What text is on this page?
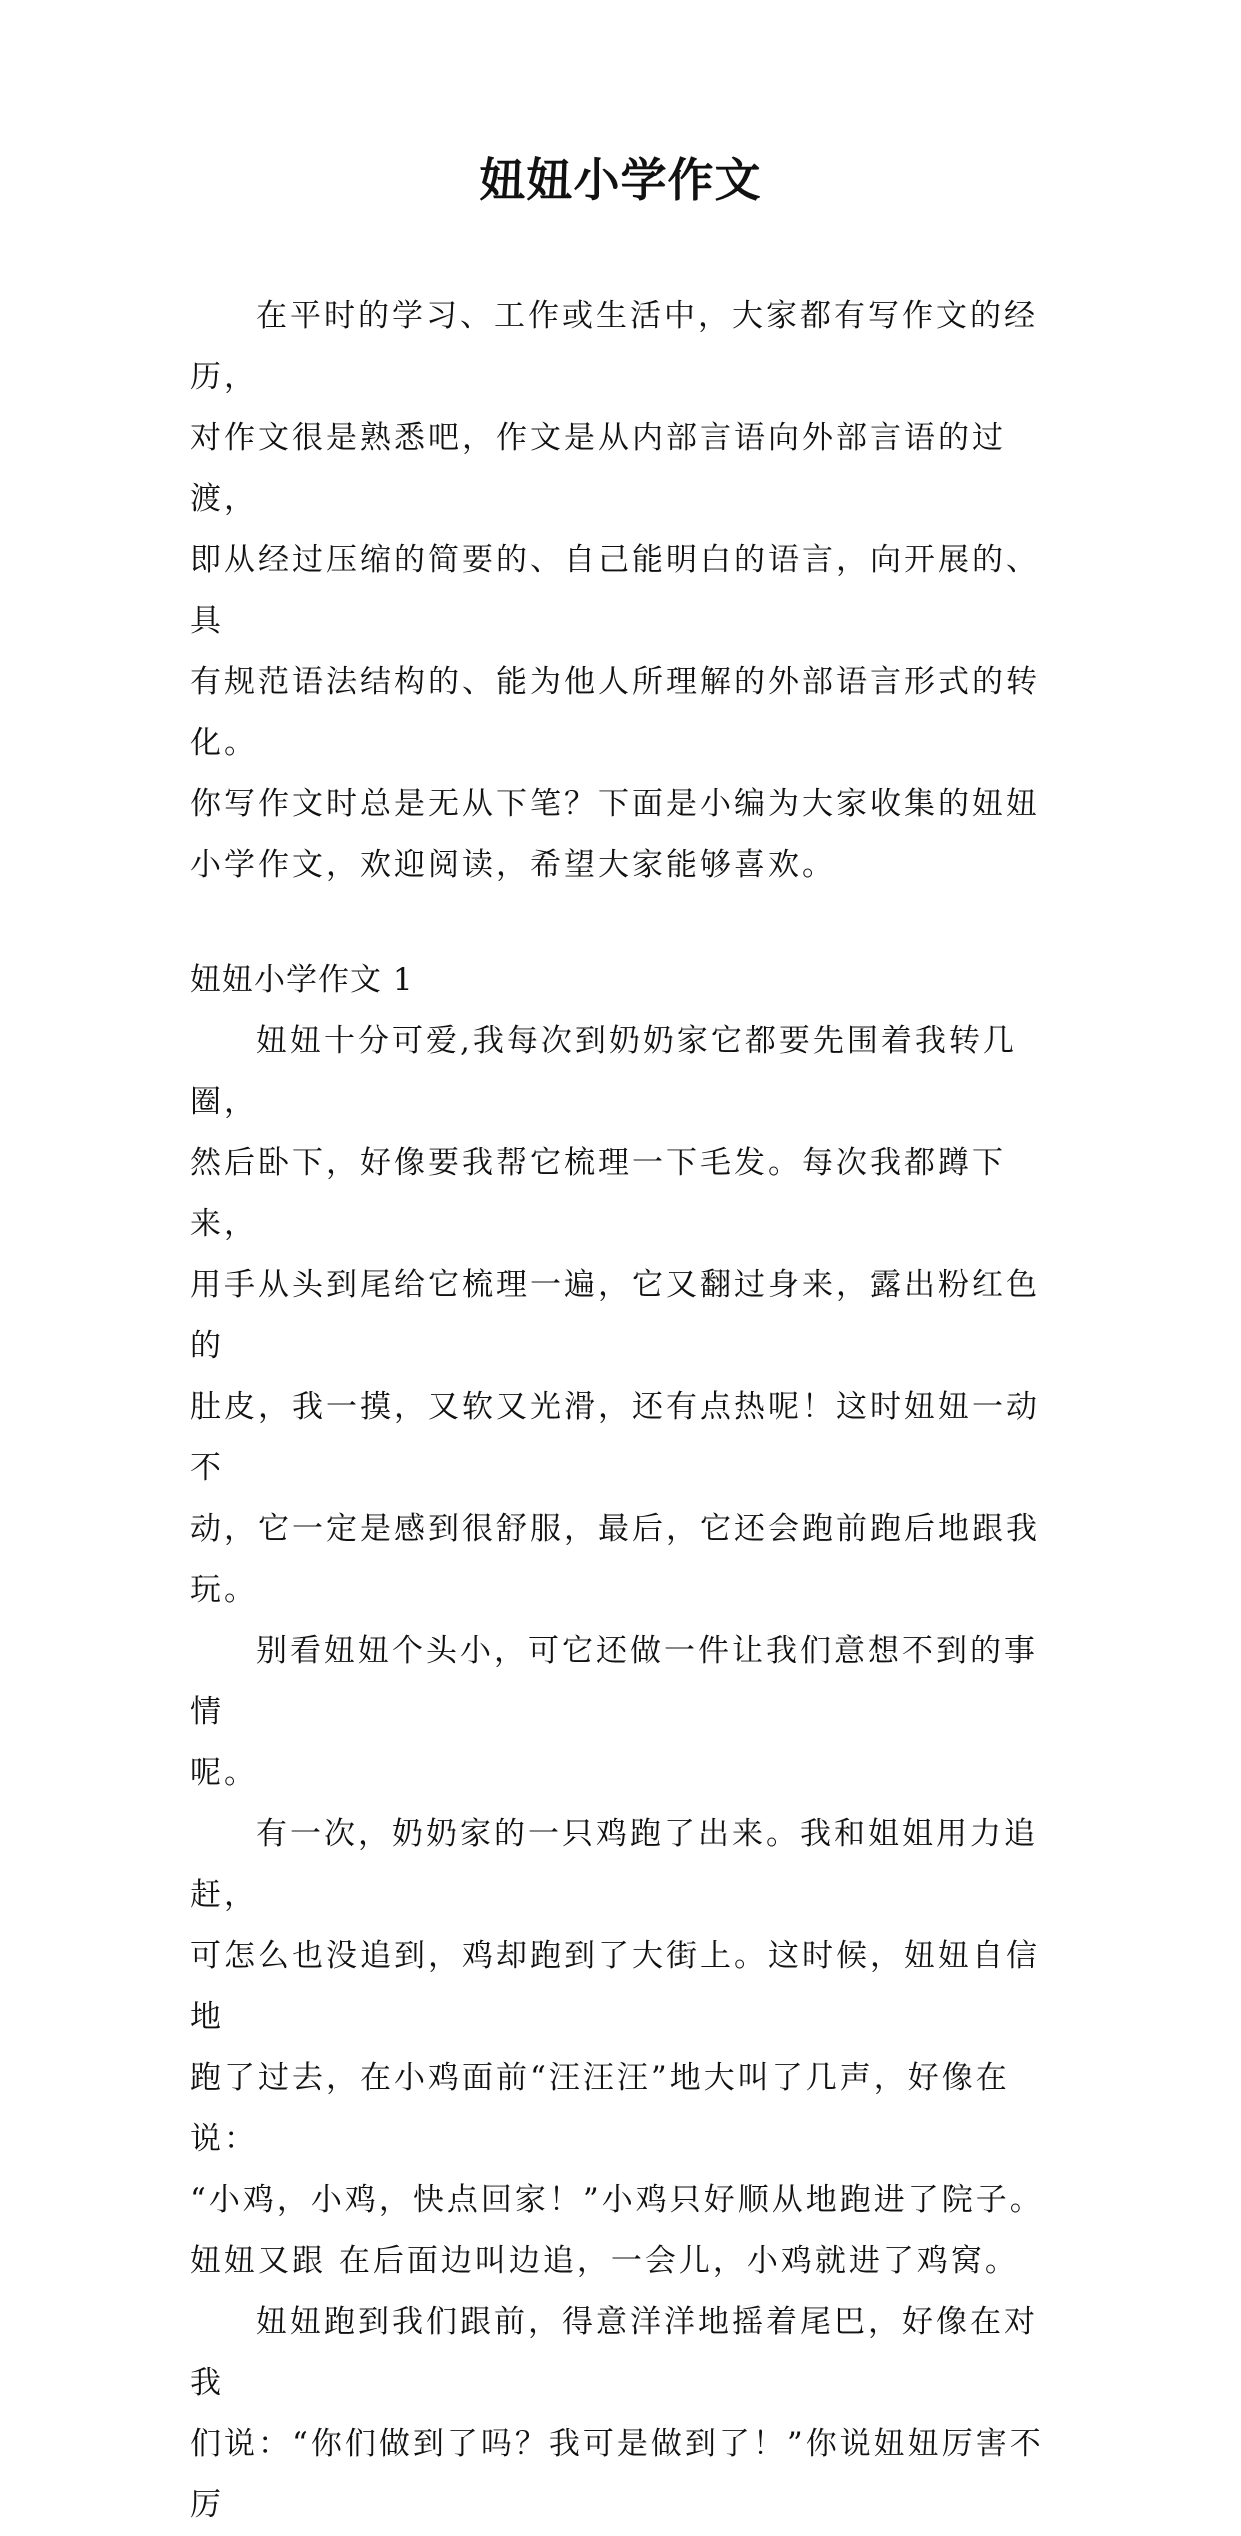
妞妞小学作文

在平时的学习、工作或生活中，大家都有写作文的经历，
对作文很是熟悉吧，作文是从内部言语向外部言语的过渡，
即从经过压缩的简要的、自己能明白的语言，向开展的、具
有规范语法结构的、能为他人所理解的外部语言形式的转化。
你写作文时总是无从下笔？下面是小编为大家收集的妞妞
小学作文，欢迎阅读，希望大家能够喜欢。

妞妞小学作文 1

妞妞十分可爱,我每次到奶奶家它都要先围着我转几圈，
然后卧下，好像要我帮它梳理一下毛发。每次我都蹲下来，
用手从头到尾给它梳理一遍，它又翻过身来，露出粉红色的
肚皮，我一摸，又软又光滑，还有点热呢！这时妞妞一动不
动，它一定是感到很舒服，最后，它还会跑前跑后地跟我玩。

别看妞妞个头小，可它还做一件让我们意想不到的事情
呢。

有一次，奶奶家的一只鸡跑了出来。我和姐姐用力追赶，
可怎么也没追到，鸡却跑到了大街上。这时候，妞妞自信地
跑了过去，在小鸡面前“汪汪汪”地大叫了几声，好像在说：
“小鸡，小鸡，快点回家！”小鸡只好顺从地跑进了院子。
妞妞又跟 在后面边叫边追，一会儿，小鸡就进了鸡窝。

妞妞跑到我们跟前，得意洋洋地摇着尾巴，好像在对我
们说：“你们做到了吗？我可是做到了！”你说妞妞厉害不厉
